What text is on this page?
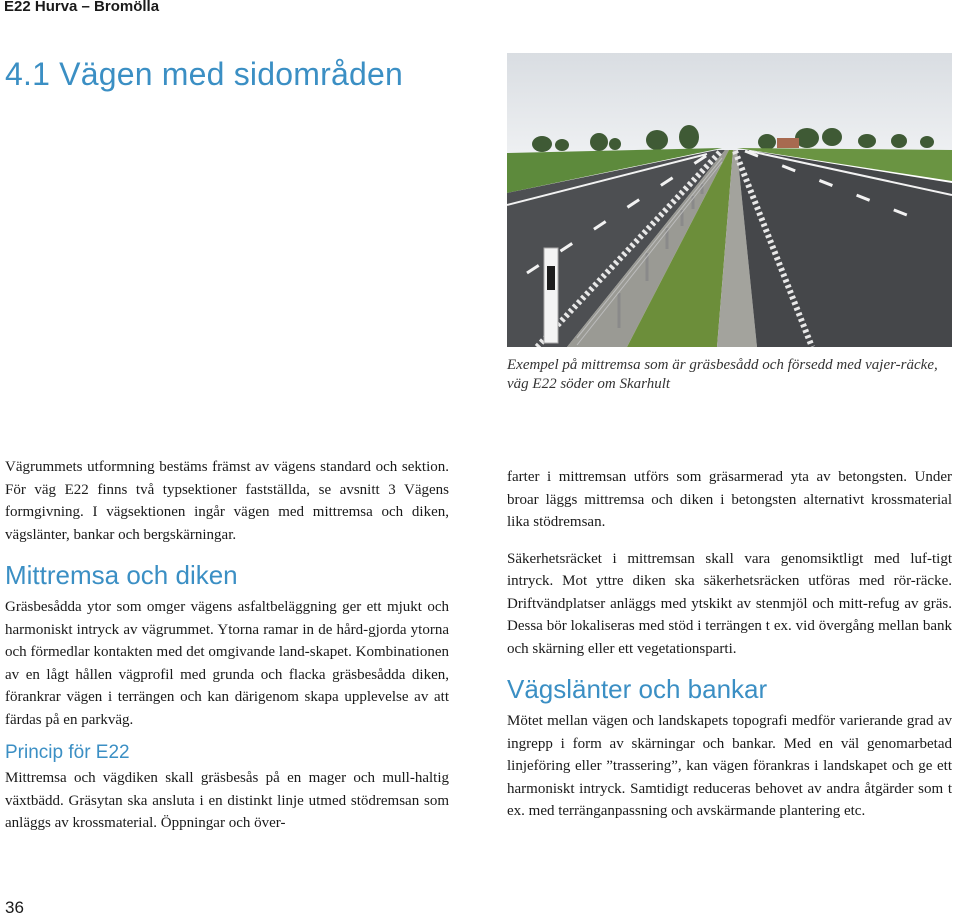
E22 Hurva – Bromölla
4.1 Vägen med sidområden
Exempel på mittremsa som är gräsbesådd och försedd med vajer-räcke, väg E22 söder om Skarhult

Vägrummets utformning bestäms främst av vägens standard och sektion. För väg E22 finns två typsektioner fastställda, se avsnitt 3 Vägens formgivning. I vägsektionen ingår vägen med mittremsa och diken, vägslänter, bankar och bergskärningar.

Mittremsa och diken

Gräsbesådda ytor som omger vägens asfaltbeläggning ger ett mjukt och harmoniskt intryck av vägrummet. Ytorna ramar in de hård-gjorda ytorna och förmedlar kontakten med det omgivande land-skapet. Kombinationen av en lågt hållen vägprofil med grunda och flacka gräsbesådda diken, förankrar vägen i terrängen och kan därigenom skapa upplevelse av att färdas på en parkväg.

Princip för E22

Mittremsa och vägdiken skall gräsbesås på en mager och mull-haltig växtbädd. Gräsytan ska ansluta i en distinkt linje utmed stödremsan som anläggs av krossmaterial. Öppningar och över-

farter i mittremsan utförs som gräsarmerad yta av betongsten. Under broar läggs mittremsa och diken i betongsten alternativt krossmaterial lika stödremsan.

Säkerhetsräcket i mittremsan skall vara genomsiktligt med luf-tigt intryck. Mot yttre diken ska säkerhetsräcken utföras med rör-räcke. Driftvändplatser anläggs med ytskikt av stenmjöl och mitt-refug av gräs. Dessa bör lokaliseras med stöd i terrängen t ex. vid övergång mellan bank och skärning eller ett vegetationsparti.

Vägslänter och bankar

Mötet mellan vägen och landskapets topografi medför varierande grad av ingrepp i form av skärningar och bankar. Med en väl genomarbetad linjeföring eller ”trassering”, kan vägen förankras i landskapet och ge ett harmoniskt intryck. Samtidigt reduceras behovet av andra åtgärder som t ex. med terränganpassning och avskärmande plantering etc.

36
